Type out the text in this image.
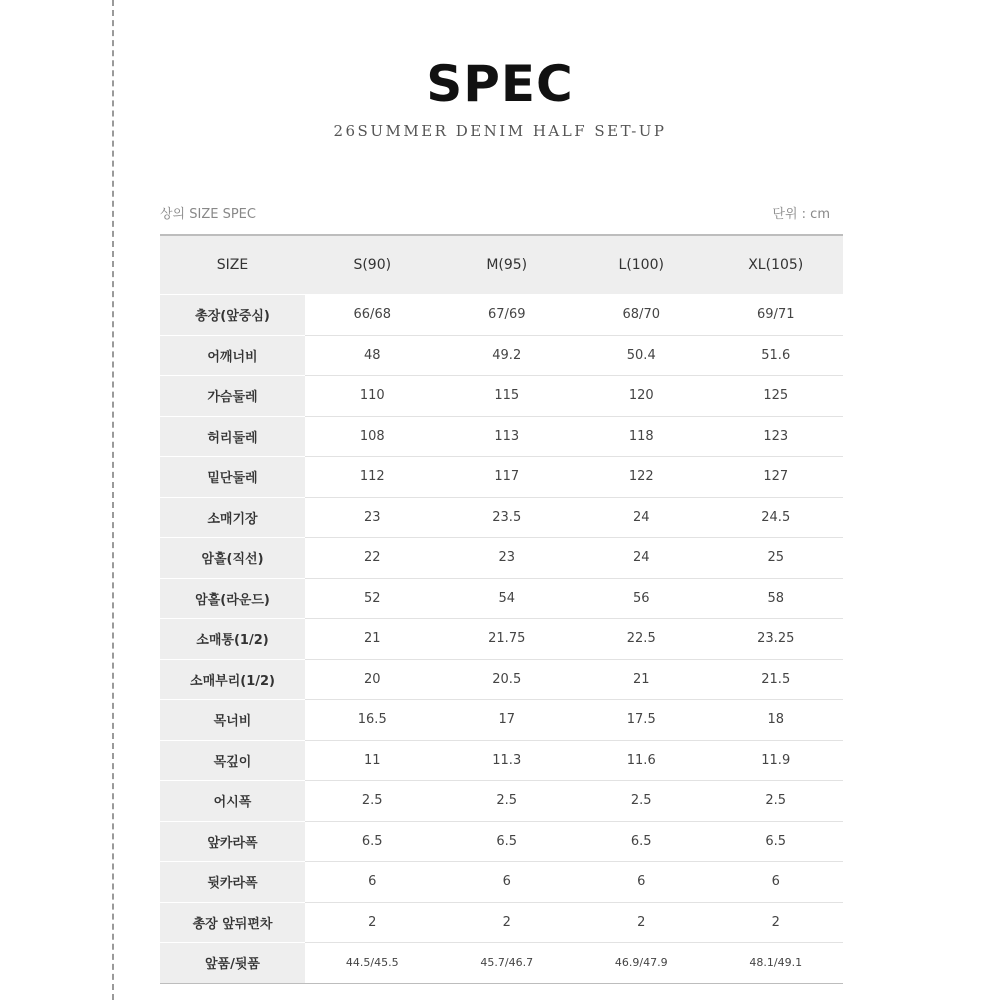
SPEC
26SUMMER DENIM HALF SET-UP
상의 SIZE SPEC	단위 : cm
SIZE	S(90)	M(95)	L(100)	XL(105)
총장(앞중심)	66/68	67/69	68/70	69/71
어깨너비	48	49.2	50.4	51.6
가슴둘레	110	115	120	125
허리둘레	108	113	118	123
밑단둘레	112	117	122	127
소매기장	23	23.5	24	24.5
암홀(직선)	22	23	24	25
암홀(라운드)	52	54	56	58
소매통(1/2)	21	21.75	22.5	23.25
소매부리(1/2)	20	20.5	21	21.5
목너비	16.5	17	17.5	18
목깊이	11	11.3	11.6	11.9
어시폭	2.5	2.5	2.5	2.5
앞카라폭	6.5	6.5	6.5	6.5
뒷카라폭	6	6	6	6
총장 앞뒤편차	2	2	2	2
앞품/뒷품	44.5/45.5	45.7/46.7	46.9/47.9	48.1/49.1
